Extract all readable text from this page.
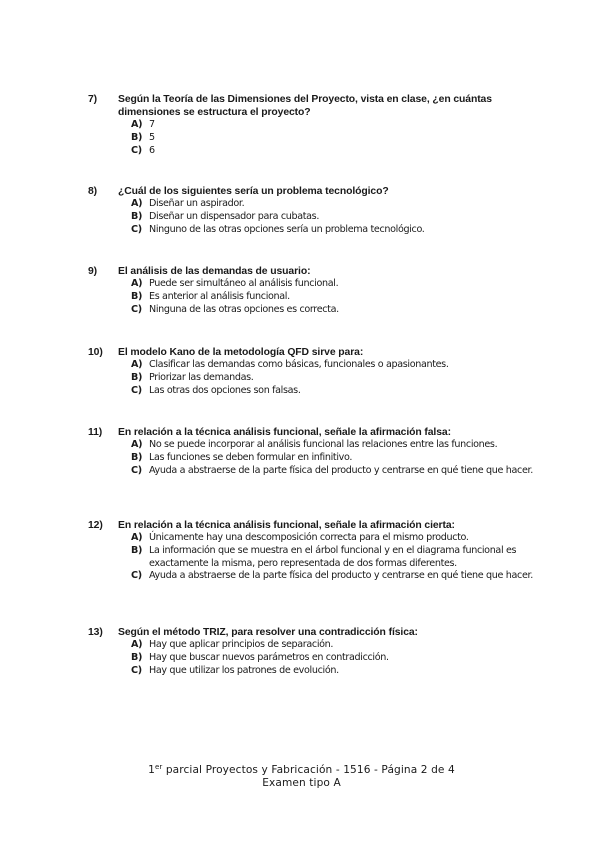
7)	Según la Teoría de las Dimensiones del Proyecto, vista en clase, ¿en cuántas dimensiones se estructura el proyecto?
A) 7
B) 5
C) 6
8)	¿Cuál de los siguientes sería un problema tecnológico?
A) Diseñar un aspirador.
B) Diseñar un dispensador para cubatas.
C) Ninguno de las otras opciones sería un problema tecnológico.
9)	El análisis de las demandas de usuario:
A) Puede ser simultáneo al análisis funcional.
B) Es anterior al análisis funcional.
C) Ninguna de las otras opciones es correcta.
10)	El modelo Kano de la metodología QFD sirve para:
A) Clasificar las demandas como básicas, funcionales o apasionantes.
B) Priorizar las demandas.
C) Las otras dos opciones son falsas.
11)	En relación a la técnica análisis funcional, señale la afirmación falsa:
A) No se puede incorporar al análisis funcional las relaciones entre las funciones.
B) Las funciones se deben formular en infinitivo.
C) Ayuda a abstraerse de la parte física del producto y centrarse en qué tiene que hacer.
12)	En relación a la técnica análisis funcional, señale la afirmación cierta:
A) Únicamente hay una descomposición correcta para el mismo producto.
B) La información que se muestra en el árbol funcional y en el diagrama funcional es exactamente la misma, pero representada de dos formas diferentes.
C) Ayuda a abstraerse de la parte física del producto y centrarse en qué tiene que hacer.
13)	Según el método TRIZ, para resolver una contradicción física:
A) Hay que aplicar principios de separación.
B) Hay que buscar nuevos parámetros en contradicción.
C) Hay que utilizar los patrones de evolución.
1er parcial Proyectos y Fabricación - 1516 - Página 2 de 4
Examen tipo A
